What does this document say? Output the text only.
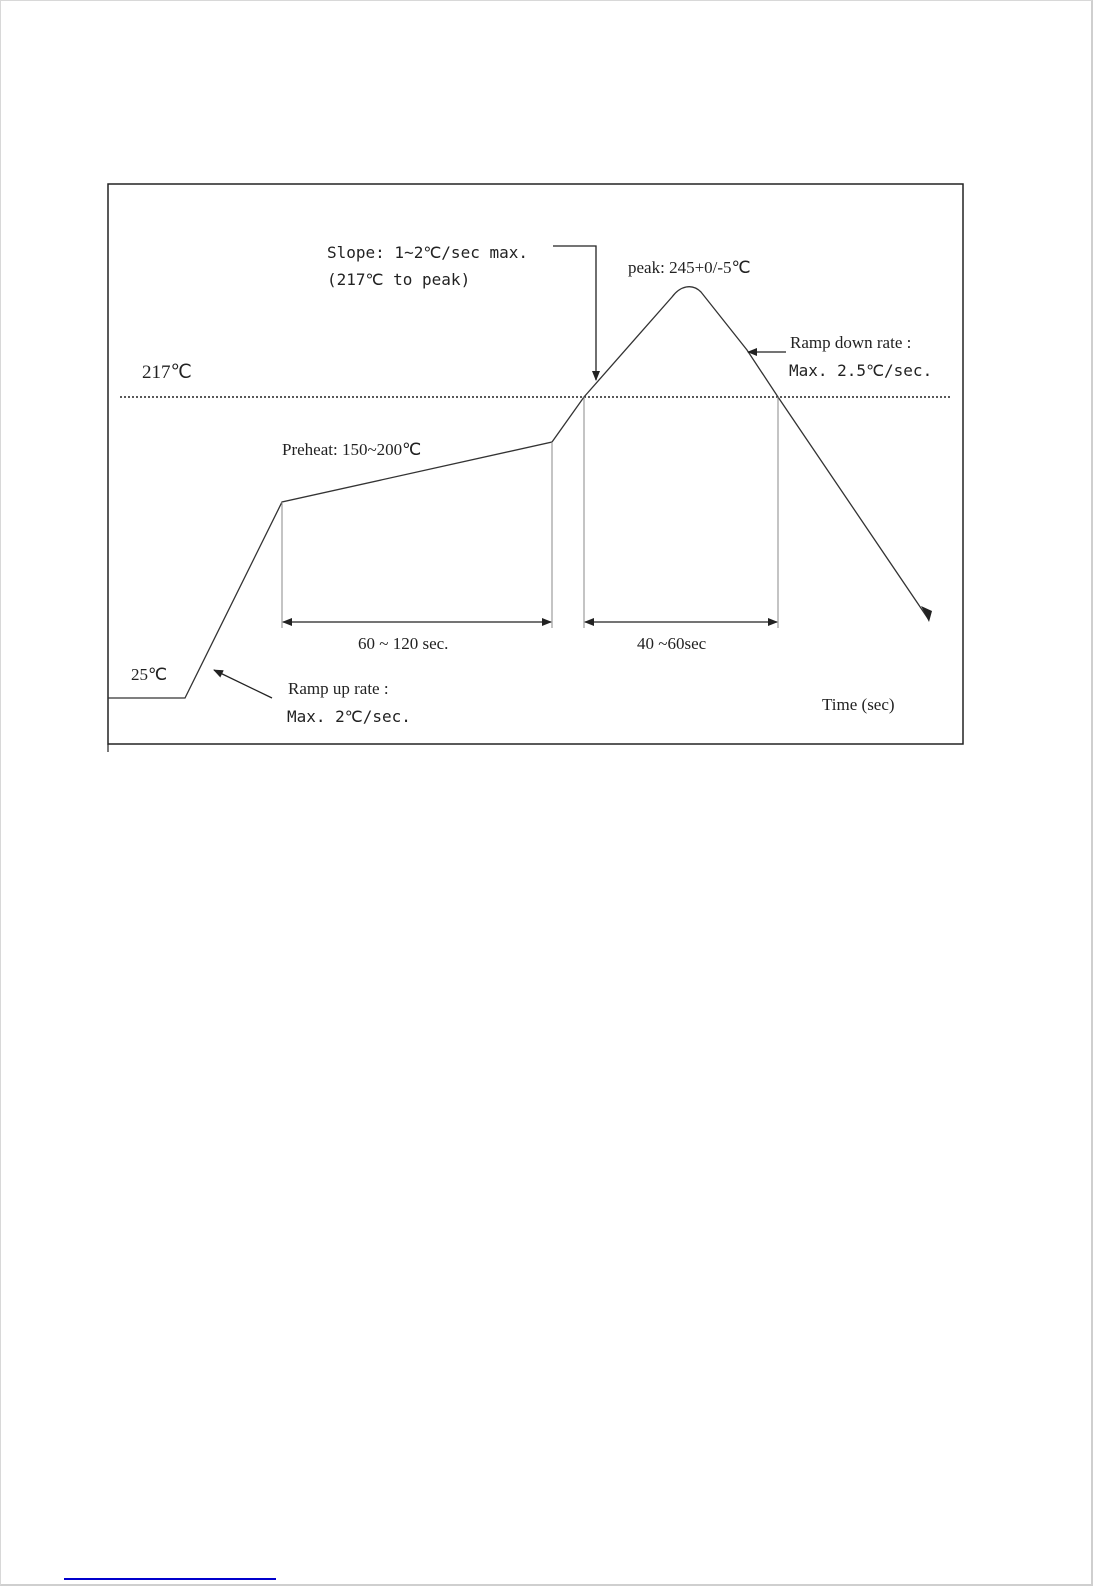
217℃
25℃
Slope: 1~2℃/sec max.
(217℃ to peak)
peak: 245+0/-5℃
Ramp down rate :
Max. 2.5℃/sec.
Preheat: 150~200℃
60 ~ 120 sec.	40 ~60sec
Ramp up rate :
Max. 2℃/sec.
Time (sec)
